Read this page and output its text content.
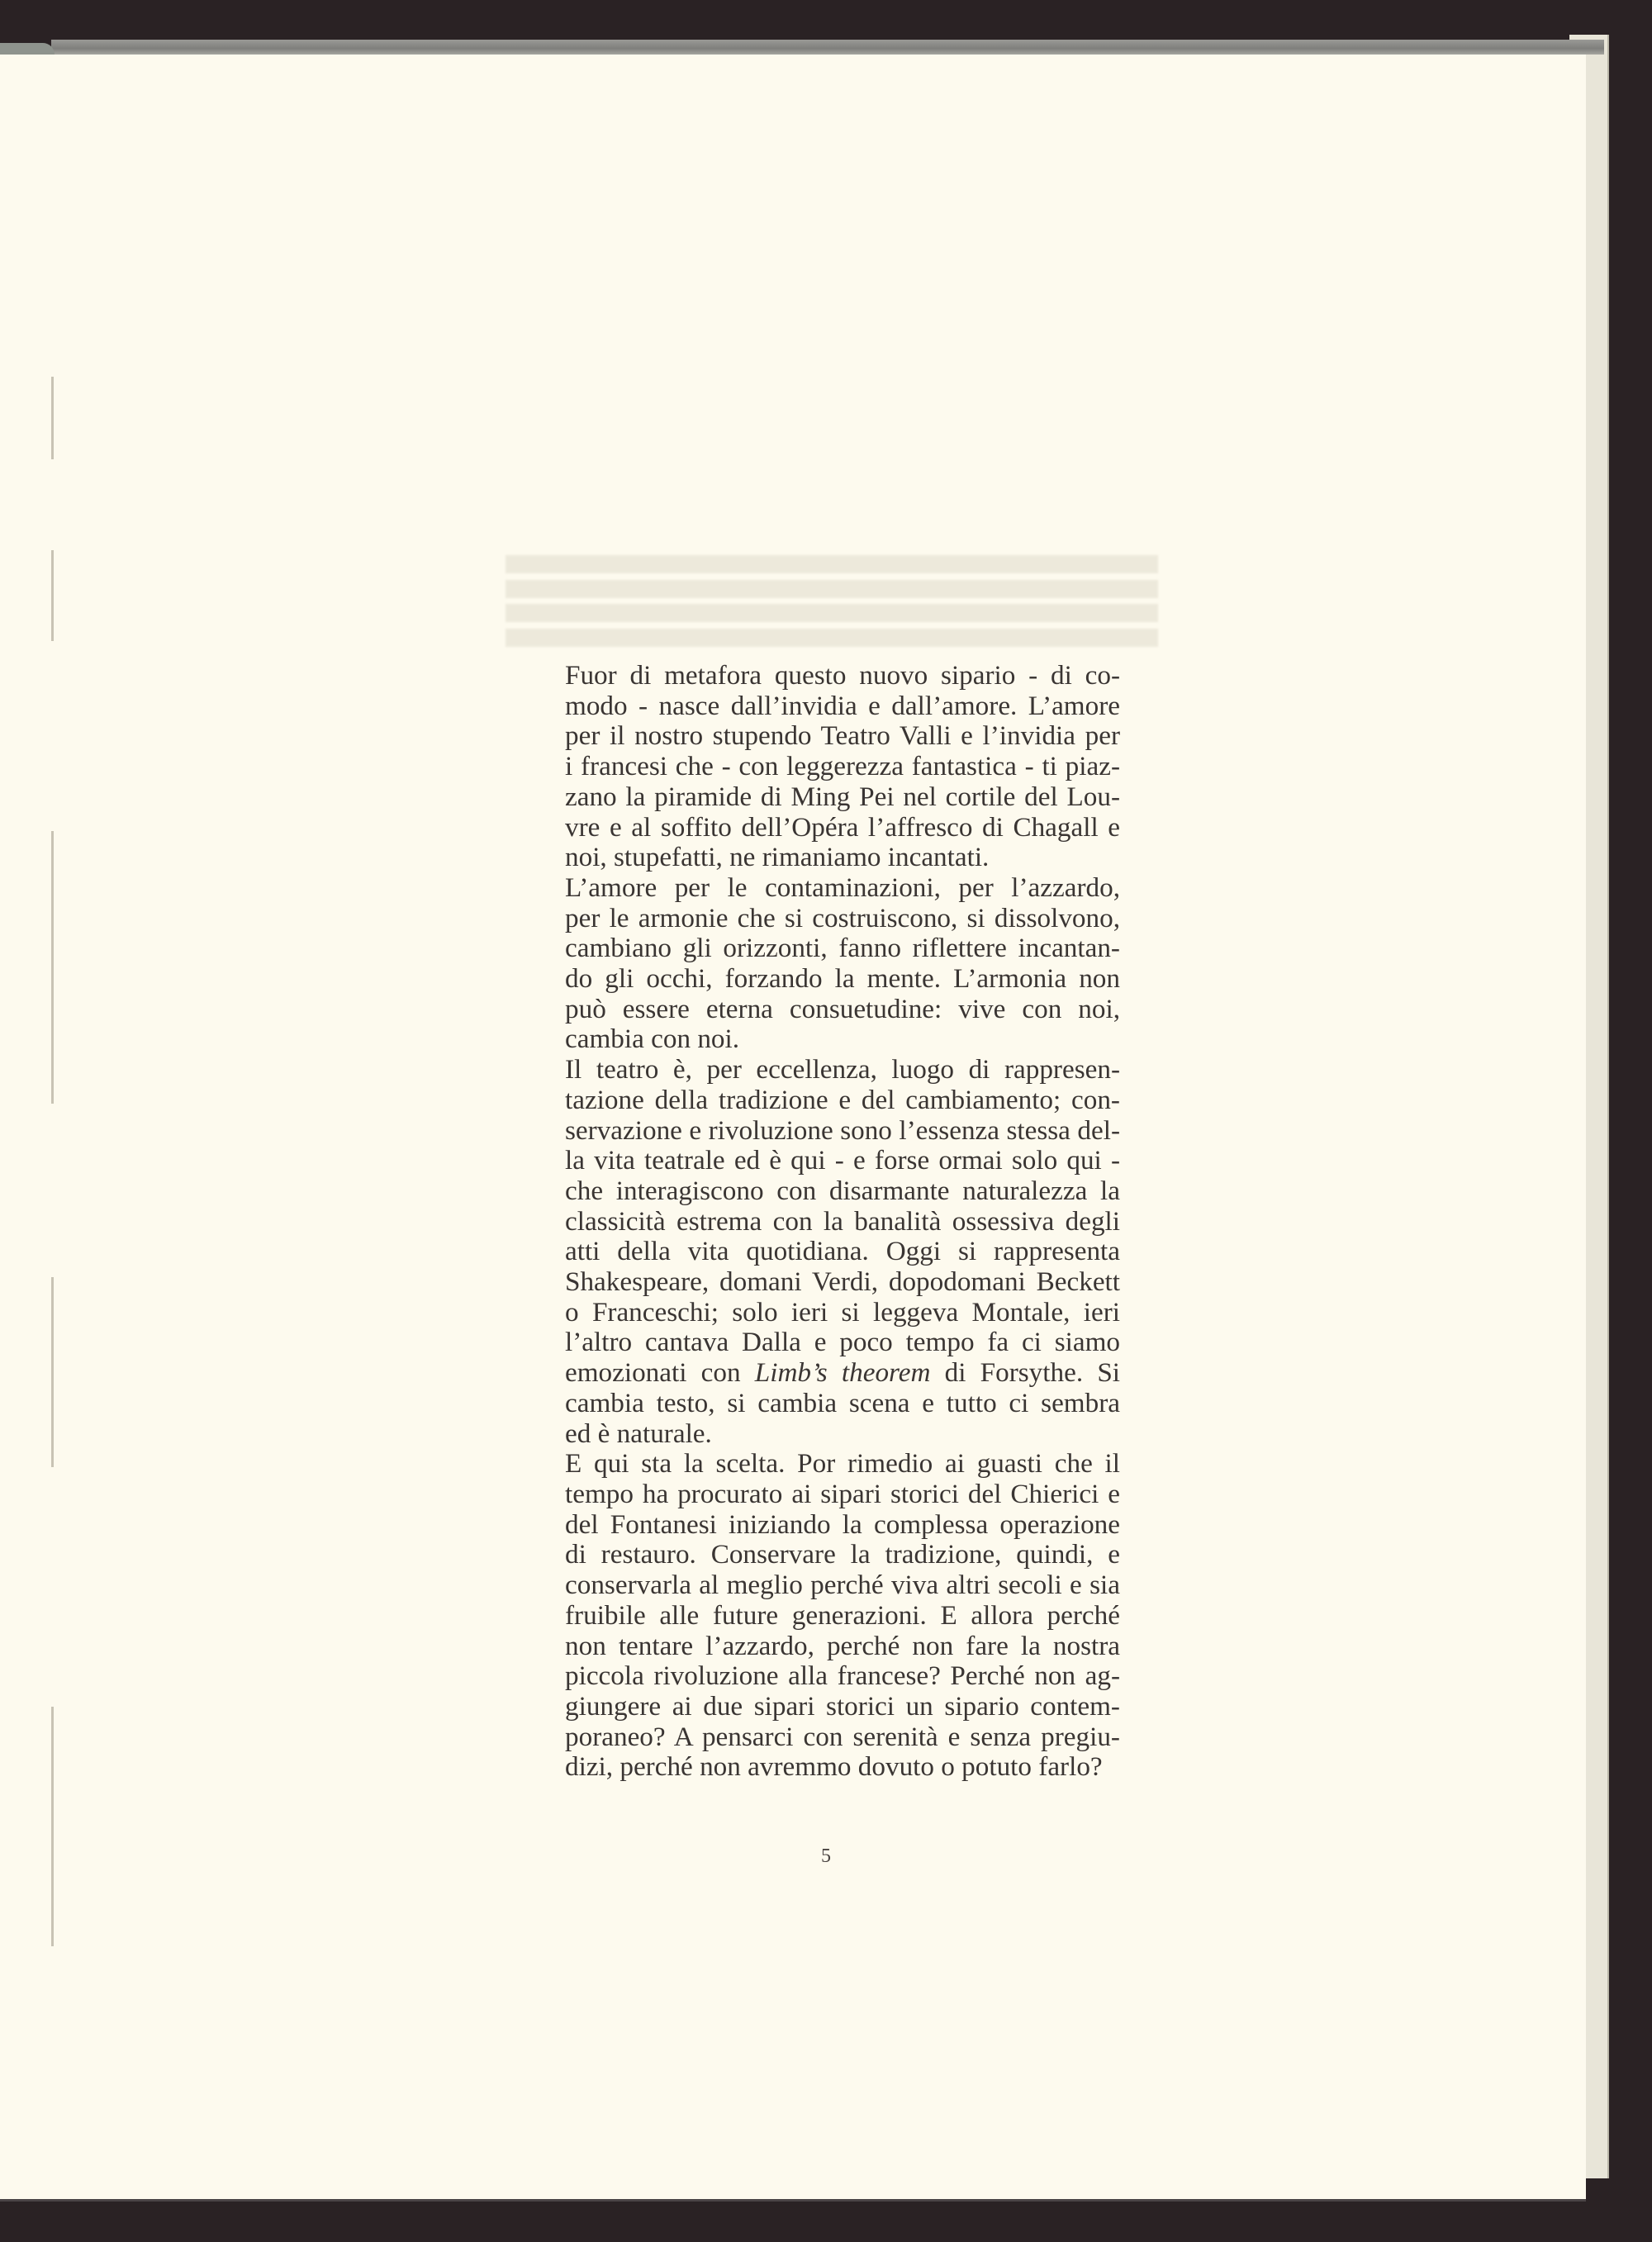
Fuor di metafora questo nuovo sipario - di co-
modo - nasce dall’invidia e dall’amore. L’amore
per il nostro stupendo Teatro Valli e l’invidia per
i francesi che - con leggerezza fantastica - ti piaz-
zano la piramide di Ming Pei nel cortile del Lou-
vre e al soffito dell’Opéra l’affresco di Chagall e
noi, stupefatti, ne rimaniamo incantati.

L’amore per le contaminazioni, per l’azzardo,
per le armonie che si costruiscono, si dissolvono,
cambiano gli orizzonti, fanno riflettere incantan-
do gli occhi, forzando la mente. L’armonia non
può essere eterna consuetudine: vive con noi,
cambia con noi.

Il teatro è, per eccellenza, luogo di rappresen-
tazione della tradizione e del cambiamento; con-
servazione e rivoluzione sono l’essenza stessa del-
la vita teatrale ed è qui - e forse ormai solo qui -
che interagiscono con disarmante naturalezza la
classicità estrema con la banalità ossessiva degli
atti della vita quotidiana. Oggi si rappresenta
Shakespeare, domani Verdi, dopodomani Beckett
o Franceschi; solo ieri si leggeva Montale, ieri
l’altro cantava Dalla e poco tempo fa ci siamo
emozionati con Limb’s theorem di Forsythe. Si
cambia testo, si cambia scena e tutto ci sembra
ed è naturale.

E qui sta la scelta. Por rimedio ai guasti che il
tempo ha procurato ai sipari storici del Chierici e
del Fontanesi iniziando la complessa operazione
di restauro. Conservare la tradizione, quindi, e
conservarla al meglio perché viva altri secoli e sia
fruibile alle future generazioni. E allora perché
non tentare l’azzardo, perché non fare la nostra
piccola rivoluzione alla francese? Perché non ag-
giungere ai due sipari storici un sipario contem-
poraneo? A pensarci con serenità e senza pregiu-
dizi, perché non avremmo dovuto o potuto farlo?

5
